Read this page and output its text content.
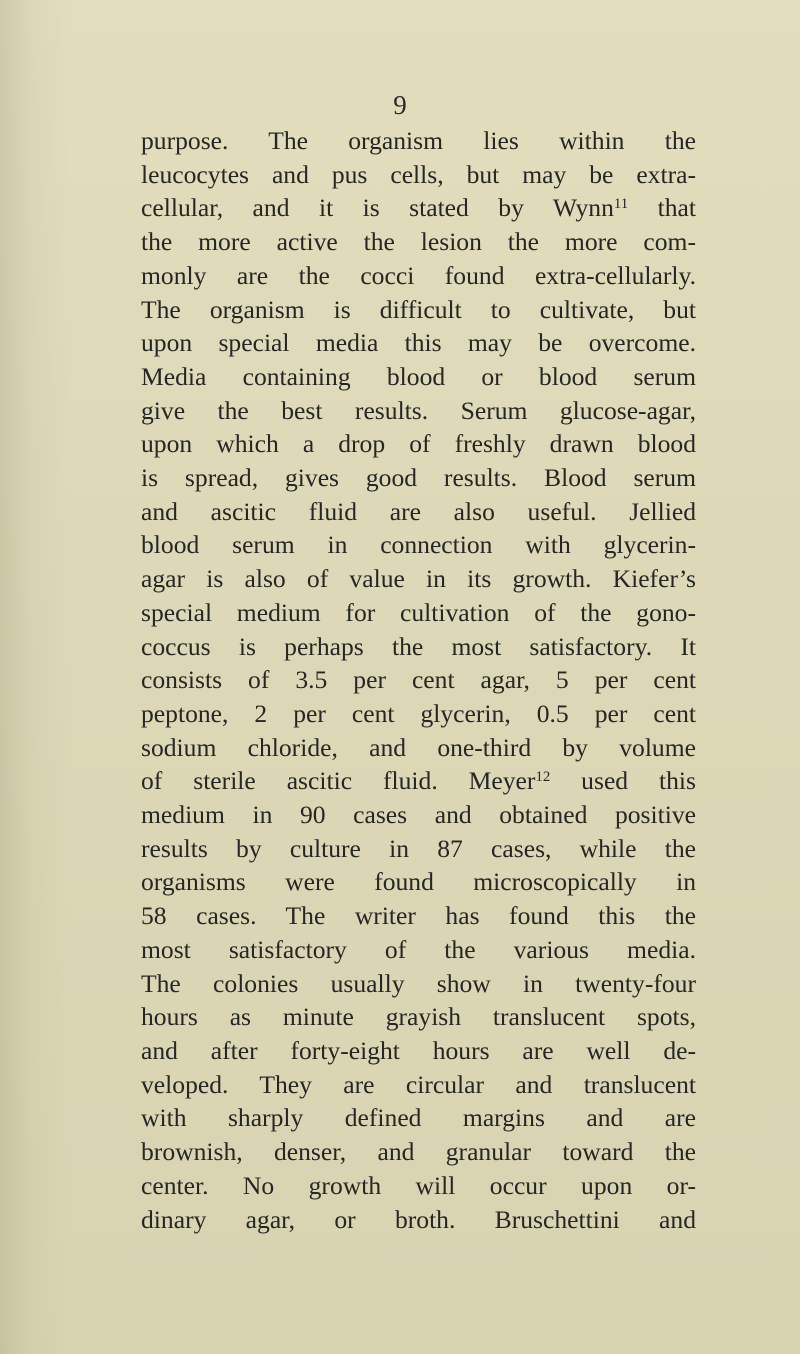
9
purpose. The organism lies within the
leucocytes and pus cells, but may be extra-
cellular, and it is stated by Wynn$^{11}$ that
the more active the lesion the more com-
monly are the cocci found extra-cellularly.
The organism is difficult to cultivate, but
upon special media this may be overcome.
Media containing blood or blood serum
give the best results. Serum glucose-agar,
upon which a drop of freshly drawn blood
is spread, gives good results. Blood serum
and ascitic fluid are also useful. Jellied
blood serum in connection with glycerin-
agar is also of value in its growth. Kiefer’s
special medium for cultivation of the gono-
coccus is perhaps the most satisfactory. It
consists of 3.5 per cent agar, 5 per cent
peptone, 2 per cent glycerin, 0.5 per cent
sodium chloride, and one-third by volume
of sterile ascitic fluid. Meyer$^{12}$ used this
medium in 90 cases and obtained positive
results by culture in 87 cases, while the
organisms were found microscopically in
58 cases. The writer has found this the
most satisfactory of the various media.
The colonies usually show in twenty-four
hours as minute grayish translucent spots,
and after forty-eight hours are well de-
veloped. They are circular and translucent
with sharply defined margins and are
brownish, denser, and granular toward the
center. No growth will occur upon or-
dinary agar, or broth. Bruschettini and
